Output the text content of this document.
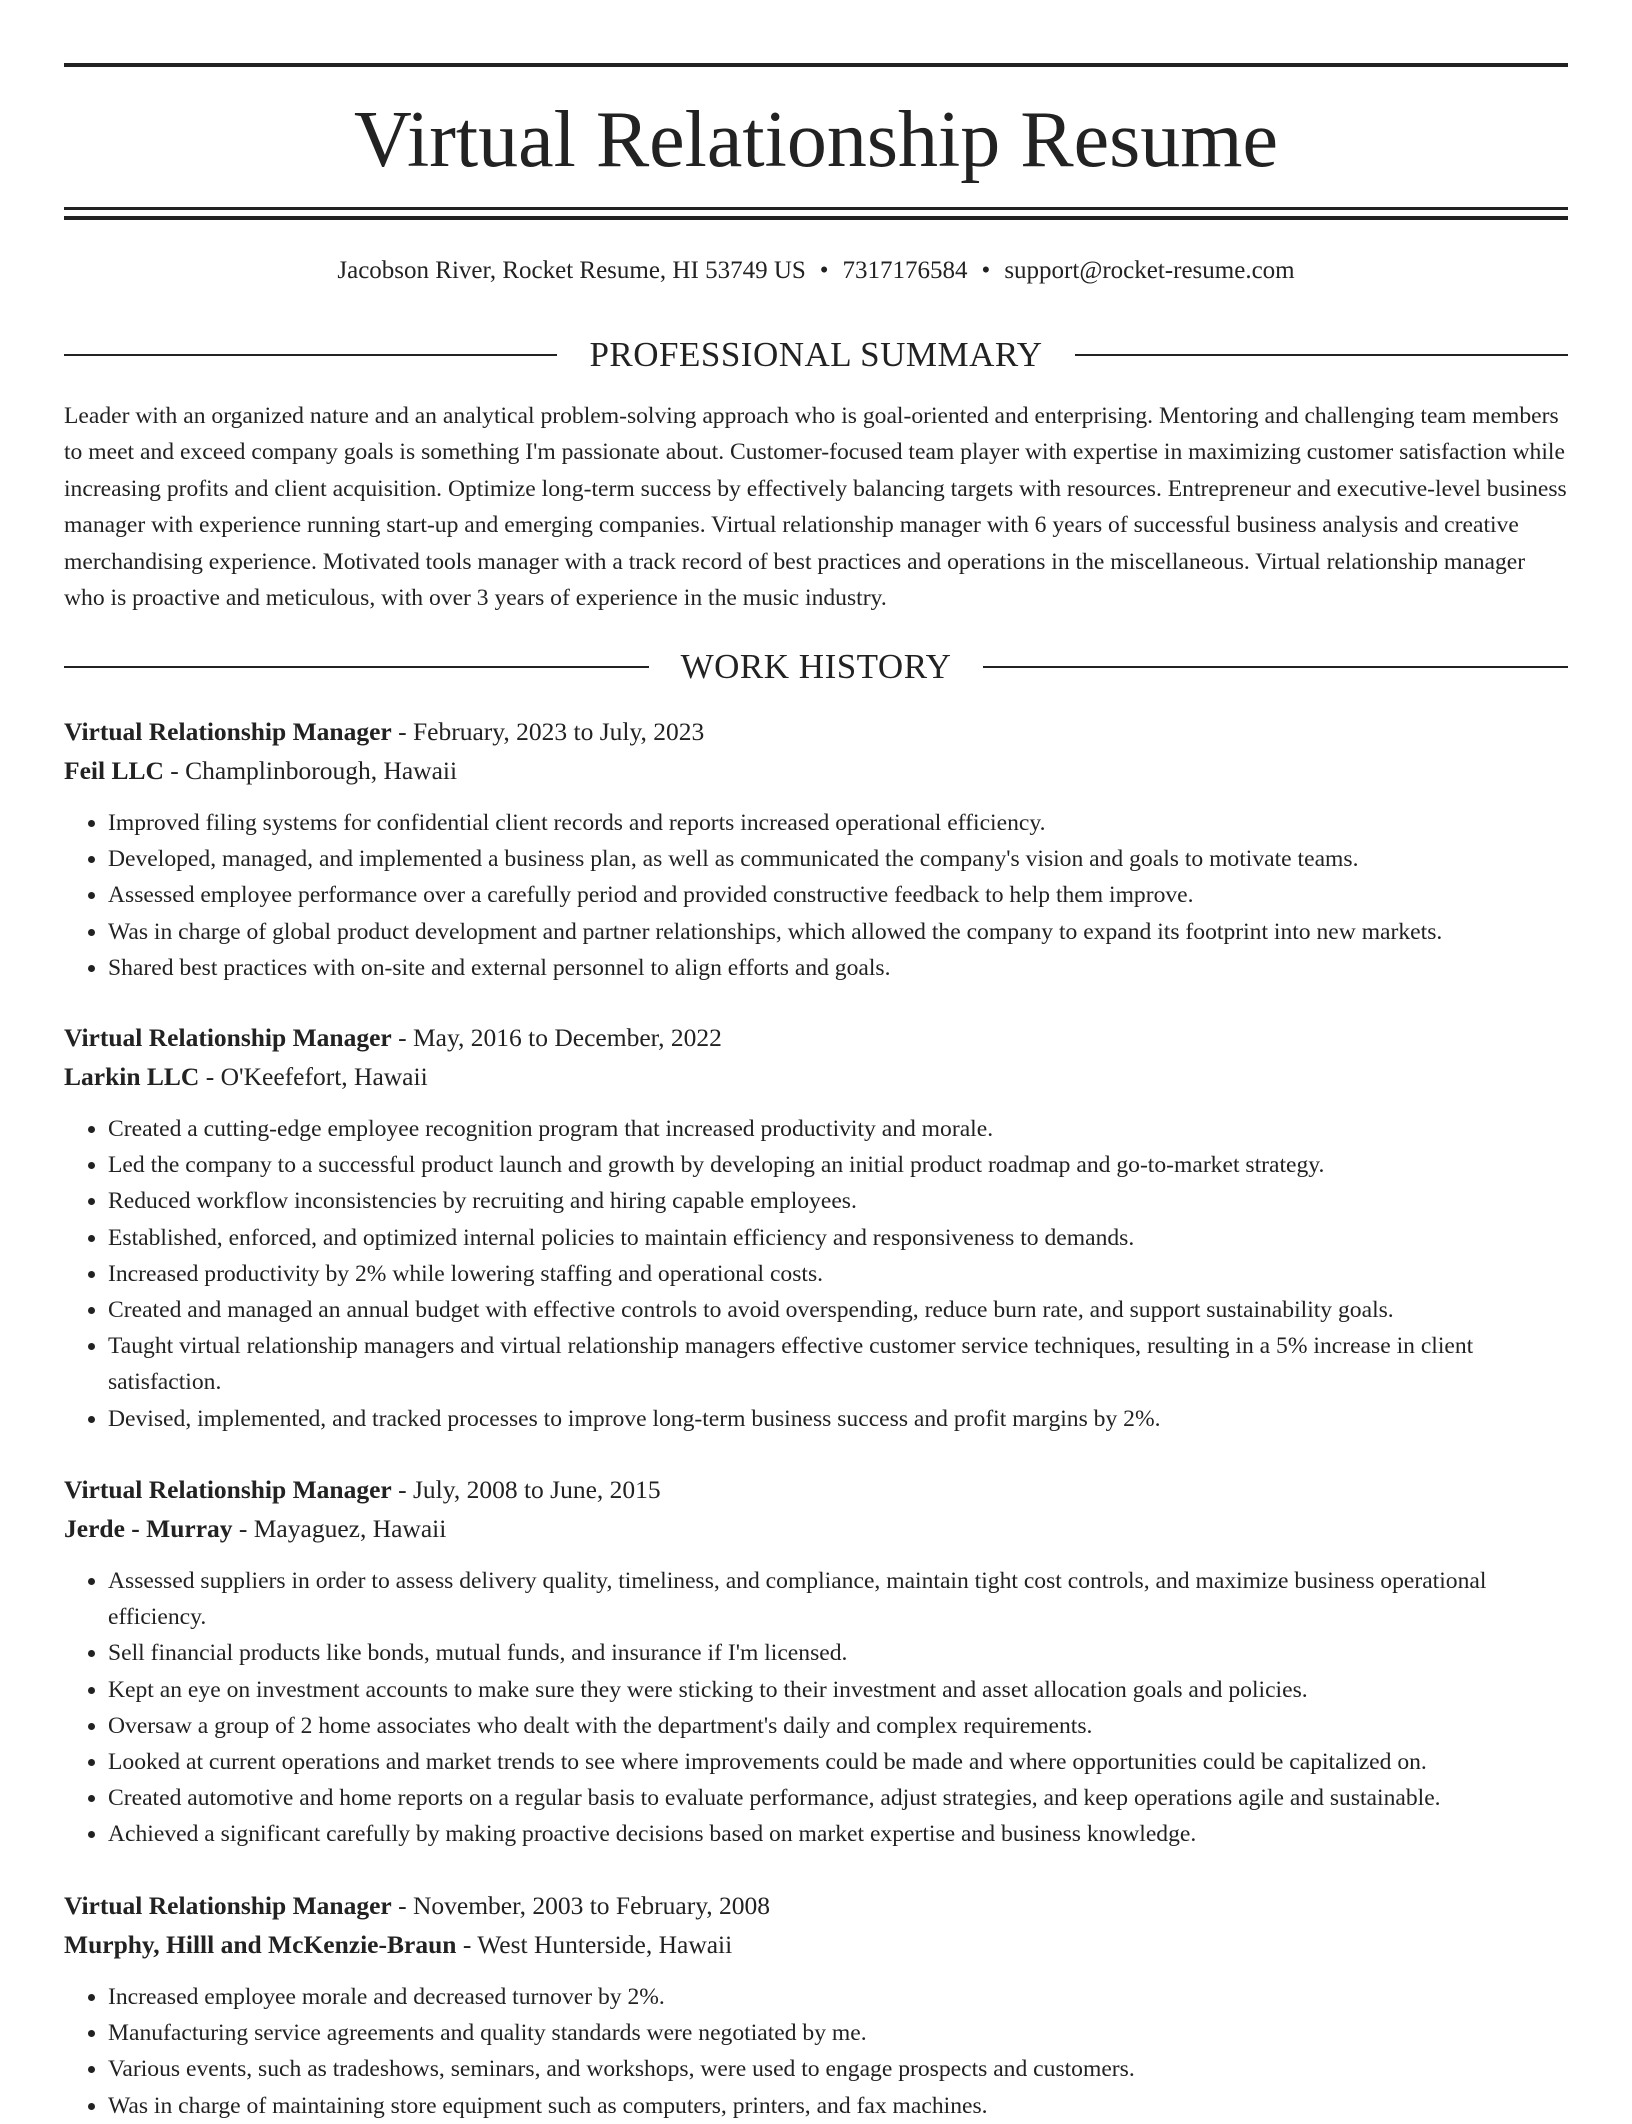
Virtual Relationship Resume
Jacobson River, Rocket Resume, HI 53749 US • 7317176584 • support@rocket-resume.com
PROFESSIONAL SUMMARY

Leader with an organized nature and an analytical problem-solving approach who is goal-oriented and enterprising. Mentoring and challenging team members to meet and exceed company goals is something I'm passionate about. Customer-focused team player with expertise in maximizing customer satisfaction while increasing profits and client acquisition. Optimize long-term success by effectively balancing targets with resources. Entrepreneur and executive-level business manager with experience running start-up and emerging companies. Virtual relationship manager with 6 years of successful business analysis and creative merchandising experience. Motivated tools manager with a track record of best practices and operations in the miscellaneous. Virtual relationship manager who is proactive and meticulous, with over 3 years of experience in the music industry.

WORK HISTORY
Virtual Relationship Manager - February, 2023 to July, 2023
Feil LLC - Champlinborough, Hawaii
• Improved filing systems for confidential client records and reports increased operational efficiency.
• Developed, managed, and implemented a business plan, as well as communicated the company's vision and goals to motivate teams.
• Assessed employee performance over a carefully period and provided constructive feedback to help them improve.
• Was in charge of global product development and partner relationships, which allowed the company to expand its footprint into new markets.
• Shared best practices with on-site and external personnel to align efforts and goals.
Virtual Relationship Manager - May, 2016 to December, 2022
Larkin LLC - O'Keefefort, Hawaii
• Created a cutting-edge employee recognition program that increased productivity and morale.
• Led the company to a successful product launch and growth by developing an initial product roadmap and go-to-market strategy.
• Reduced workflow inconsistencies by recruiting and hiring capable employees.
• Established, enforced, and optimized internal policies to maintain efficiency and responsiveness to demands.
• Increased productivity by 2% while lowering staffing and operational costs.
• Created and managed an annual budget with effective controls to avoid overspending, reduce burn rate, and support sustainability goals.
• Taught virtual relationship managers and virtual relationship managers effective customer service techniques, resulting in a 5% increase in client satisfaction.
• Devised, implemented, and tracked processes to improve long-term business success and profit margins by 2%.
Virtual Relationship Manager - July, 2008 to June, 2015
Jerde - Murray - Mayaguez, Hawaii
• Assessed suppliers in order to assess delivery quality, timeliness, and compliance, maintain tight cost controls, and maximize business operational efficiency.
• Sell financial products like bonds, mutual funds, and insurance if I'm licensed.
• Kept an eye on investment accounts to make sure they were sticking to their investment and asset allocation goals and policies.
• Oversaw a group of 2 home associates who dealt with the department's daily and complex requirements.
• Looked at current operations and market trends to see where improvements could be made and where opportunities could be capitalized on.
• Created automotive and home reports on a regular basis to evaluate performance, adjust strategies, and keep operations agile and sustainable.
• Achieved a significant carefully by making proactive decisions based on market expertise and business knowledge.
Virtual Relationship Manager - November, 2003 to February, 2008
Murphy, Hilll and McKenzie-Braun - West Hunterside, Hawaii
• Increased employee morale and decreased turnover by 2%.
• Manufacturing service agreements and quality standards were negotiated by me.
• Various events, such as tradeshows, seminars, and workshops, were used to engage prospects and customers.
• Was in charge of maintaining store equipment such as computers, printers, and fax machines.
